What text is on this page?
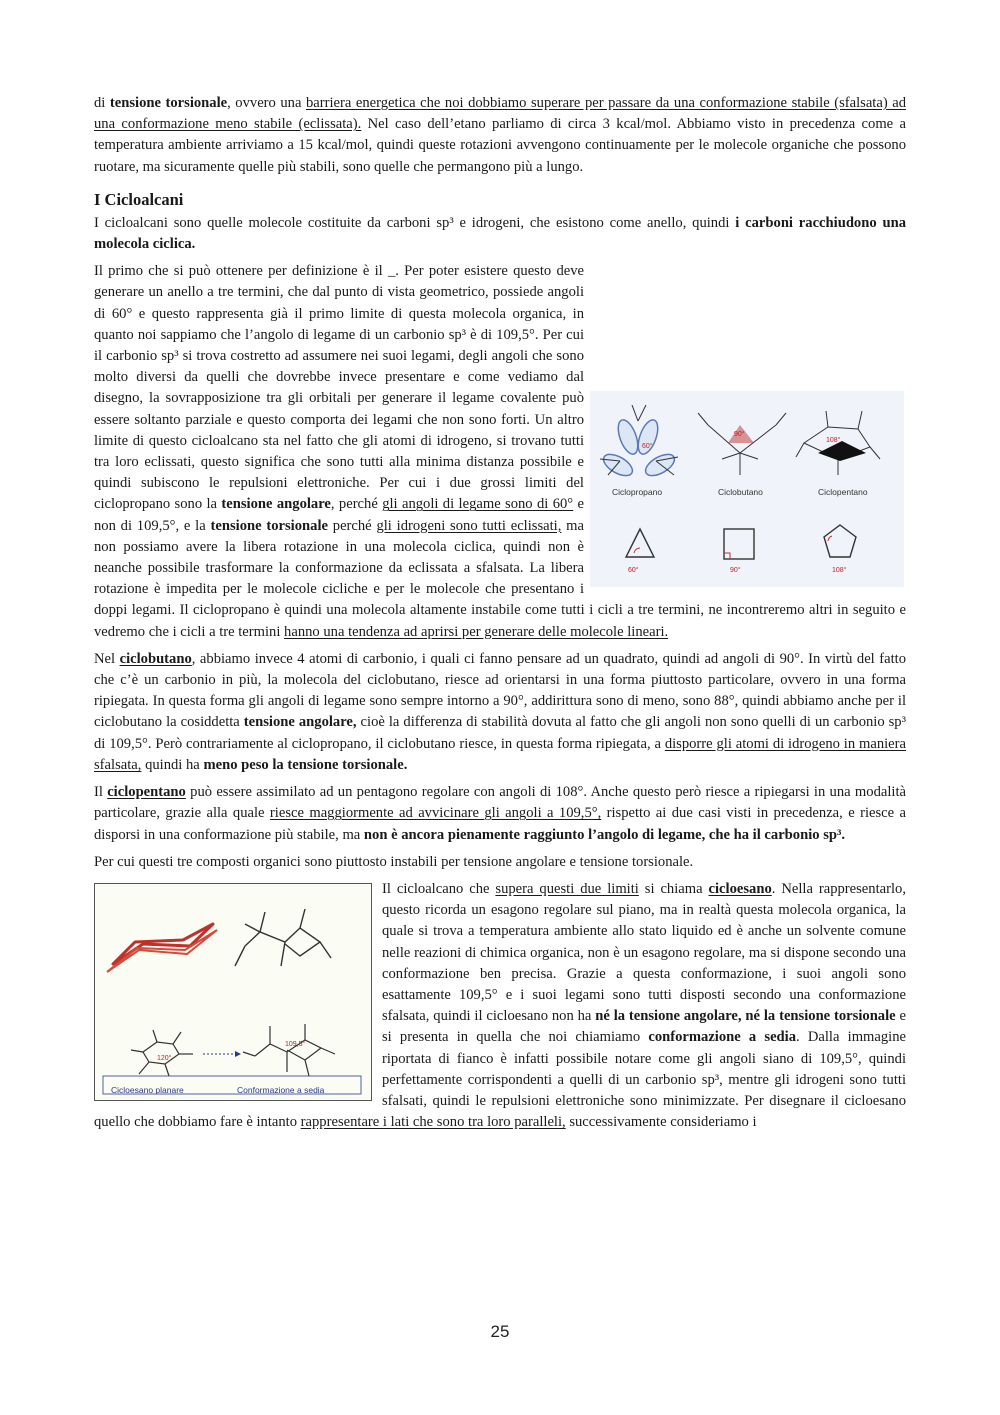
di tensione torsionale, ovvero una barriera energetica che noi dobbiamo superare per passare da una conformazione stabile (sfalsata) ad una conformazione meno stabile (eclissata). Nel caso dell’etano parliamo di circa 3 kcal/mol. Abbiamo visto in precedenza come a temperatura ambiente arriviamo a 15 kcal/mol, quindi queste rotazioni avvengono continuamente per le molecole organiche che possono ruotare, ma sicuramente quelle più stabili, sono quelle che permangono più a lungo.

I Cicloalcani

I cicloalcani sono quelle molecole costituite da carboni sp³ e idrogeni, che esistono come anello, quindi i carboni racchiudono una molecola ciclica.

Il primo che si può ottenere per definizione è il _. Per poter esistere questo deve generare un anello a tre termini, che dal punto di vista geometrico, possiede angoli di 60° e questo rappresenta già il primo limite di questa molecola organica, in quanto noi sappiamo che l’angolo di legame di un carbonio sp³ è di 109,5°. Per cui il carbonio sp³ si trova costretto ad assumere nei suoi legami, degli angoli che sono molto diversi da quelli che dovrebbe invece presentare e come vediamo dal disegno, la sovrapposizione tra gli orbitali per generare il legame covalente può essere soltanto parziale e questo comporta dei legami che non sono forti. Un altro limite di questo cicloalcano sta nel fatto che gli atomi di idrogeno, si trovano tutti tra loro eclissati, questo significa che sono tutti alla minima distanza possibile e quindi subiscono le repulsioni elettroniche. Per cui i due grossi limiti del ciclopropano sono la tensione angolare, perché gli angoli di legame sono di 60° e non di 109,5°, e la tensione torsionale perché gli idrogeni sono tutti eclissati, ma non possiamo avere la libera rotazione in una molecola ciclica, quindi non è neanche possibile trasformare la conformazione da eclissata a sfalsata. La libera rotazione è impedita per le molecole cicliche e per le molecole che presentano i doppi legami. Il ciclopropano è quindi una molecola altamente instabile come tutti i cicli a tre termini, ne incontreremo altri in seguito e vedremo che i cicli a tre termini hanno una tendenza ad aprirsi per generare delle molecole lineari.

Nel ciclobutano, abbiamo invece 4 atomi di carbonio, i quali ci fanno pensare ad un quadrato, quindi ad angoli di 90°. In virtù del fatto che c’è un carbonio in più, la molecola del ciclobutano, riesce ad orientarsi in una forma piuttosto particolare, ovvero in una forma ripiegata. In questa forma gli angoli di legame sono sempre intorno a 90°, addirittura sono di meno, sono 88°, quindi abbiamo anche per il ciclobutano la cosiddetta tensione angolare, cioè la differenza di stabilità dovuta al fatto che gli angoli non sono quelli di un carbonio sp³ di 109,5°. Però contrariamente al ciclopropano, il ciclobutano riesce, in questa forma ripiegata, a disporre gli atomi di idrogeno in maniera sfalsata, quindi ha meno peso la tensione torsionale.

Il ciclopentano può essere assimilato ad un pentagono regolare con angoli di 108°. Anche questo però riesce a ripiegarsi in una modalità particolare, grazie alla quale riesce maggiormente ad avvicinare gli angoli a 109,5°, rispetto ai due casi visti in precedenza, e riesce a disporsi in una conformazione più stabile, ma non è ancora pienamente raggiunto l’angolo di legame, che ha il carbonio sp³.

Per cui questi tre composti organici sono piuttosto instabili per tensione angolare e tensione torsionale.

120°
109,5°
Cicloesano planare	Conformazione a sedia
Il cicloalcano che supera questi due limiti si chiama cicloesano. Nella rappresentarlo, questo ricorda un esagono regolare sul piano, ma in realtà questa molecola organica, la quale si trova a temperatura ambiente allo stato liquido ed è anche un solvente comune nelle reazioni di chimica organica, non è un esagono regolare, ma si dispone secondo una conformazione ben precisa. Grazie a questa conformazione, i suoi angoli sono esattamente 109,5° e i suoi legami sono tutti disposti secondo una conformazione sfalsata, quindi il cicloesano non ha né la tensione angolare, né la tensione torsionale e si presenta in quella che noi chiamiamo conformazione a sedia. Dalla immagine riportata di fianco è infatti possibile notare come gli angoli siano di 109,5°, quindi perfettamente corrispondenti a quelli di un carbonio sp³, mentre gli idrogeni sono tutti sfalsati, quindi le repulsioni elettroniche sono minimizzate. Per disegnare il cicloesano quello che dobbiamo fare è intanto rappresentare i lati che sono tra loro paralleli, successivamente consideriamo i

Ciclopropano	Ciclobutano	Ciclopentano
60°
90°
108°
60°	90°	108°
25
